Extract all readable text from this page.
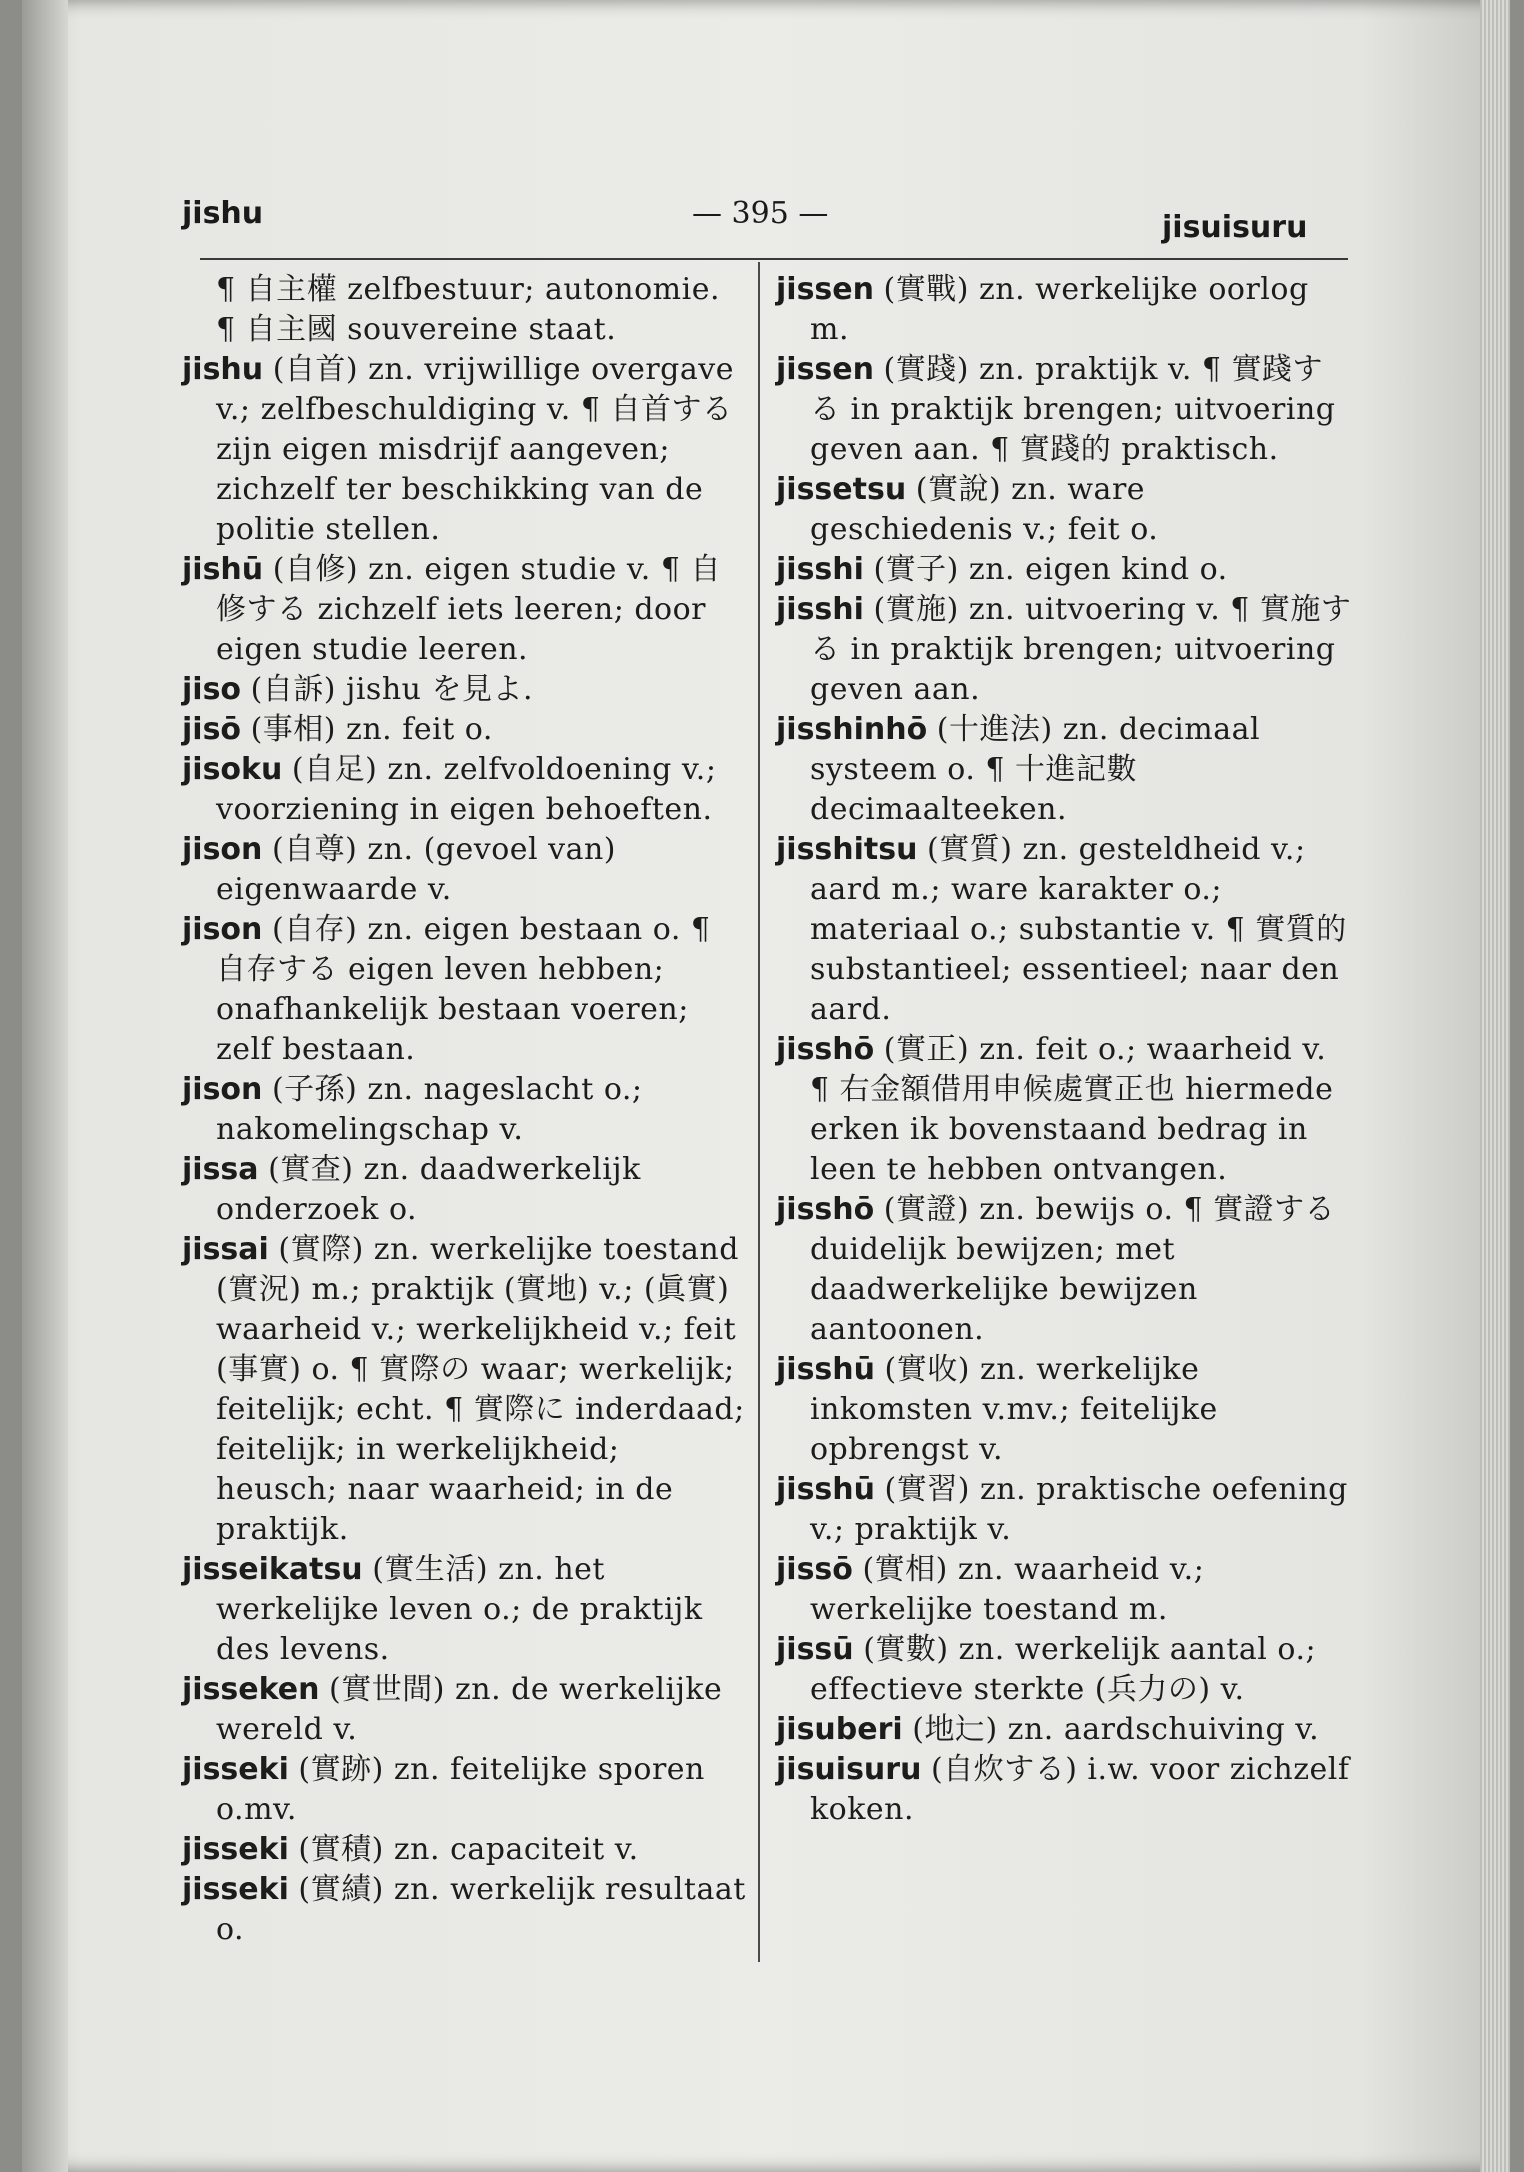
jishu	— 395 —	jisuisuru

¶ 自主權 zelfbestuur; autonomie. ¶ 自主國 souvereine staat.

jishu (自首) zn. vrijwillige overgave v.; zelfbeschuldiging v. ¶ 自首する zijn eigen misdrijf aangeven; zichzelf ter beschikking van de politie stellen.

jishū (自修) zn. eigen studie v. ¶ 自修する zichzelf iets leeren; door eigen studie leeren.

jiso (自訴) jishu を見よ.

jisō (事相) zn. feit o.

jisoku (自足) zn. zelfvoldoening v.; voorziening in eigen behoeften.

jison (自尊) zn. (gevoel van) eigenwaarde v.

jison (自存) zn. eigen bestaan o. ¶ 自存する eigen leven hebben; onafhankelijk bestaan voeren; zelf bestaan.

jison (子孫) zn. nageslacht o.; nakomelingschap v.

jissa (實查) zn. daadwerkelijk onderzoek o.

jissai (實際) zn. werkelijke toestand (實況) m.; praktijk (實地) v.; (眞實) waarheid v.; werkelijkheid v.; feit (事實) o. ¶ 實際の waar; werkelijk; feitelijk; echt. ¶ 實際に inderdaad; feitelijk; in werkelijkheid; heusch; naar waarheid; in de praktijk.

jisseikatsu (實生活) zn. het werkelijke leven o.; de praktijk des levens.

jisseken (實世間) zn. de werkelijke wereld v.

jisseki (實跡) zn. feitelijke sporen o.mv.

jisseki (實積) zn. capaciteit v.

jisseki (實績) zn. werkelijk resultaat o.

jissen (實戰) zn. werkelijke oorlog m.

jissen (實踐) zn. praktijk v. ¶ 實踐する in praktijk brengen; uitvoering geven aan. ¶ 實踐的 praktisch.

jissetsu (實說) zn. ware geschiedenis v.; feit o.

jisshi (實子) zn. eigen kind o.

jisshi (實施) zn. uitvoering v. ¶ 實施する in praktijk brengen; uitvoering geven aan.

jisshinhō (十進法) zn. decimaal systeem o. ¶ 十進記數 decimaalteeken.

jisshitsu (實質) zn. gesteldheid v.; aard m.; ware karakter o.; materiaal o.; substantie v. ¶ 實質的 substantieel; essentieel; naar den aard.

jisshō (實正) zn. feit o.; waarheid v. ¶ 右金額借用申候處實正也 hiermede erken ik bovenstaand bedrag in leen te hebben ontvangen.

jisshō (實證) zn. bewijs o. ¶ 實證する duidelijk bewijzen; met daadwerkelijke bewijzen aantoonen.

jisshū (實收) zn. werkelijke inkomsten v.mv.; feitelijke opbrengst v.

jisshū (實習) zn. praktische oefening v.; praktijk v.

jissō (實相) zn. waarheid v.; werkelijke toestand m.

jissū (實數) zn. werkelijk aantal o.; effectieve sterkte (兵力の) v.

jisuberi (地辷) zn. aardschuiving v.

jisuisuru (自炊する) i.w. voor zichzelf koken.
